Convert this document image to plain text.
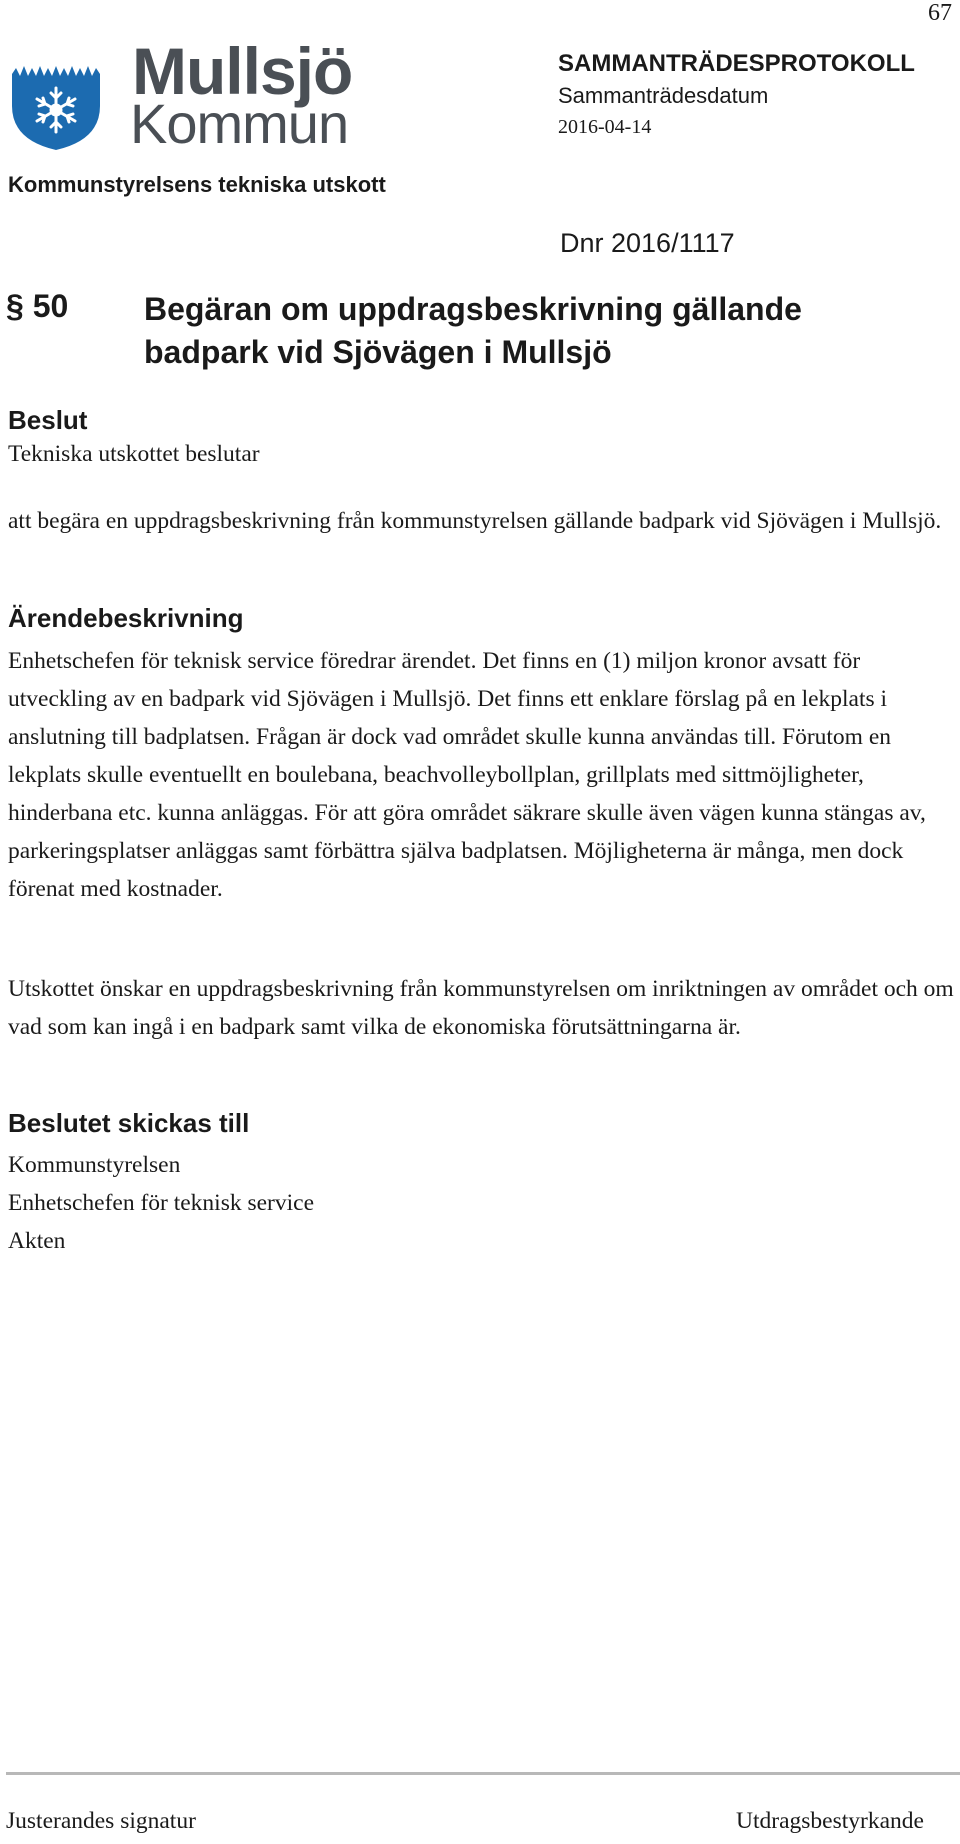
67
Mullsjö
Kommun
SAMMANTRÄDESPROTOKOLL
Sammanträdesdatum
2016-04-14
Kommunstyrelsens tekniska utskott
Dnr 2016/1117
§ 50 Begäran om uppdragsbeskrivning gällande badpark vid Sjövägen i Mullsjö
Beslut
Tekniska utskottet beslutar
att begära en uppdragsbeskrivning från kommunstyrelsen gällande badpark vid Sjövägen i Mullsjö.
Ärendebeskrivning
Enhetschefen för teknisk service föredrar ärendet. Det finns en (1) miljon kronor avsatt för utveckling av en badpark vid Sjövägen i Mullsjö. Det finns ett enklare förslag på en lekplats i anslutning till badplatsen. Frågan är dock vad området skulle kunna användas till. Förutom en lekplats skulle eventuellt en boulebana, beachvolleybollplan, grillplats med sittmöjligheter, hinderbana etc. kunna anläggas. För att göra området säkrare skulle även vägen kunna stängas av, parkeringsplatser anläggas samt förbättra själva badplatsen. Möjligheterna är många, men dock förenat med kostnader.
Utskottet önskar en uppdragsbeskrivning från kommunstyrelsen om inriktningen av området och om vad som kan ingå i en badpark samt vilka de ekonomiska förutsättningarna är.
Beslutet skickas till
Kommunstyrelsen
Enhetschefen för teknisk service
Akten
Justerandes signatur	Utdragsbestyrkande
